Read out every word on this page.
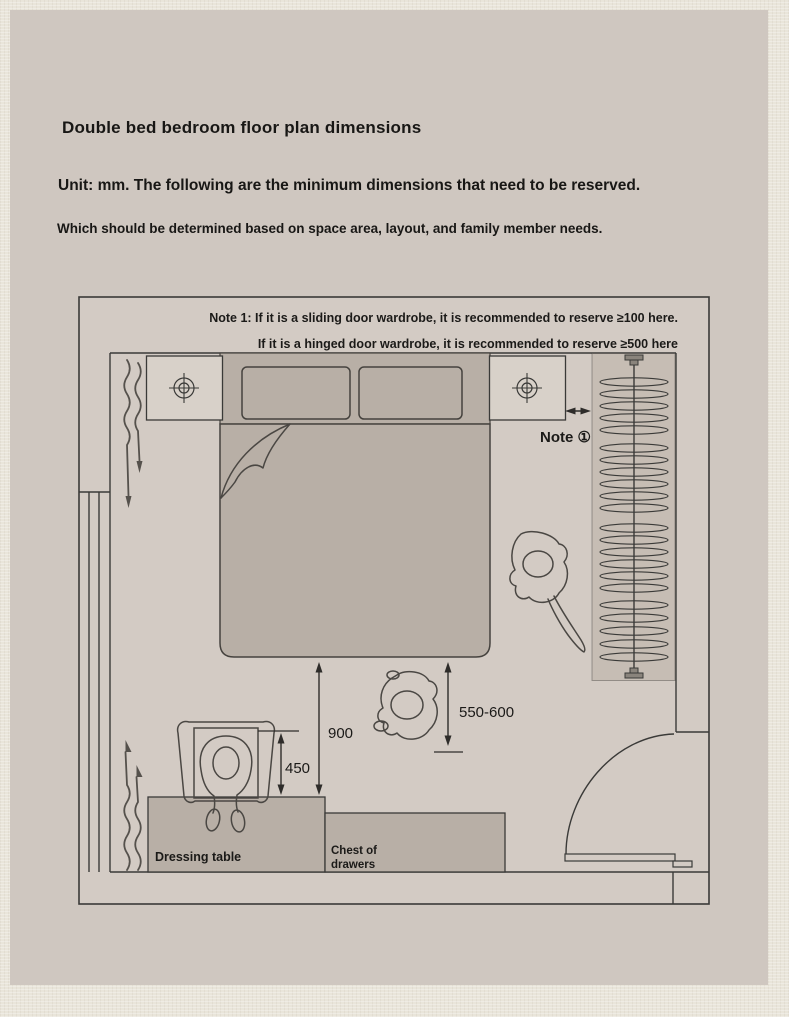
Double bed bedroom floor plan dimensions
Unit: mm. The following are the minimum dimensions that need to be reserved.
Which should be determined based on space area, layout, and family member needs.
Note 1: If it is a sliding door wardrobe, it is recommended to reserve ≥100 here.
If it is a hinged door wardrobe, it is recommended to reserve ≥500 here
Dressing table	Chest of
drawers
900
450
550-600
Note ①
